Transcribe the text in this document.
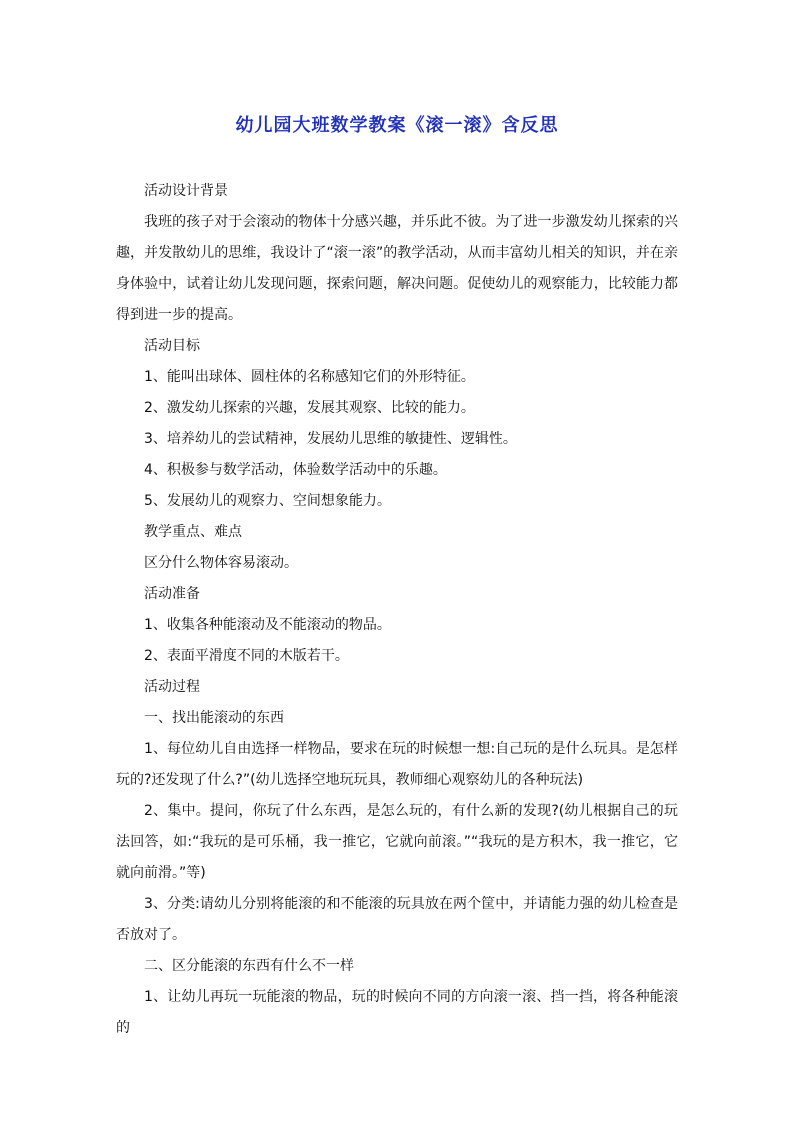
幼儿园大班数学教案《滚一滚》含反思
活动设计背景
我班的孩子对于会滚动的物体十分感兴趣，并乐此不彼。为了进一步激发幼儿探索的兴趣，并发散幼儿的思维，我设计了“滚一滚”的教学活动，从而丰富幼儿相关的知识，并在亲身体验中，试着让幼儿发现问题，探索问题，解决问题。促使幼儿的观察能力，比较能力都得到进一步的提高。
活动目标
1、能叫出球体、圆柱体的名称感知它们的外形特征。
2、激发幼儿探索的兴趣，发展其观察、比较的能力。
3、培养幼儿的尝试精神，发展幼儿思维的敏捷性、逻辑性。
4、积极参与数学活动，体验数学活动中的乐趣。
5、发展幼儿的观察力、空间想象能力。
教学重点、难点
区分什么物体容易滚动。
活动准备
1、收集各种能滚动及不能滚动的物品。
2、表面平滑度不同的木版若干。
活动过程
一、找出能滚动的东西
1、每位幼儿自由选择一样物品，要求在玩的时候想一想:自己玩的是什么玩具。是怎样玩的?还发现了什么?”(幼儿选择空地玩玩具，教师细心观察幼儿的各种玩法)
2、集中。提问，你玩了什么东西，是怎么玩的，有什么新的发现?(幼儿根据自己的玩法回答，如:“我玩的是可乐桶，我一推它，它就向前滚。”“我玩的是方积木，我一推它，它就向前滑。”等)
3、分类:请幼儿分别将能滚的和不能滚的玩具放在两个筐中，并请能力强的幼儿检查是否放对了。
二、区分能滚的东西有什么不一样
1、让幼儿再玩一玩能滚的物品，玩的时候向不同的方向滚一滚、挡一挡，将各种能滚的
